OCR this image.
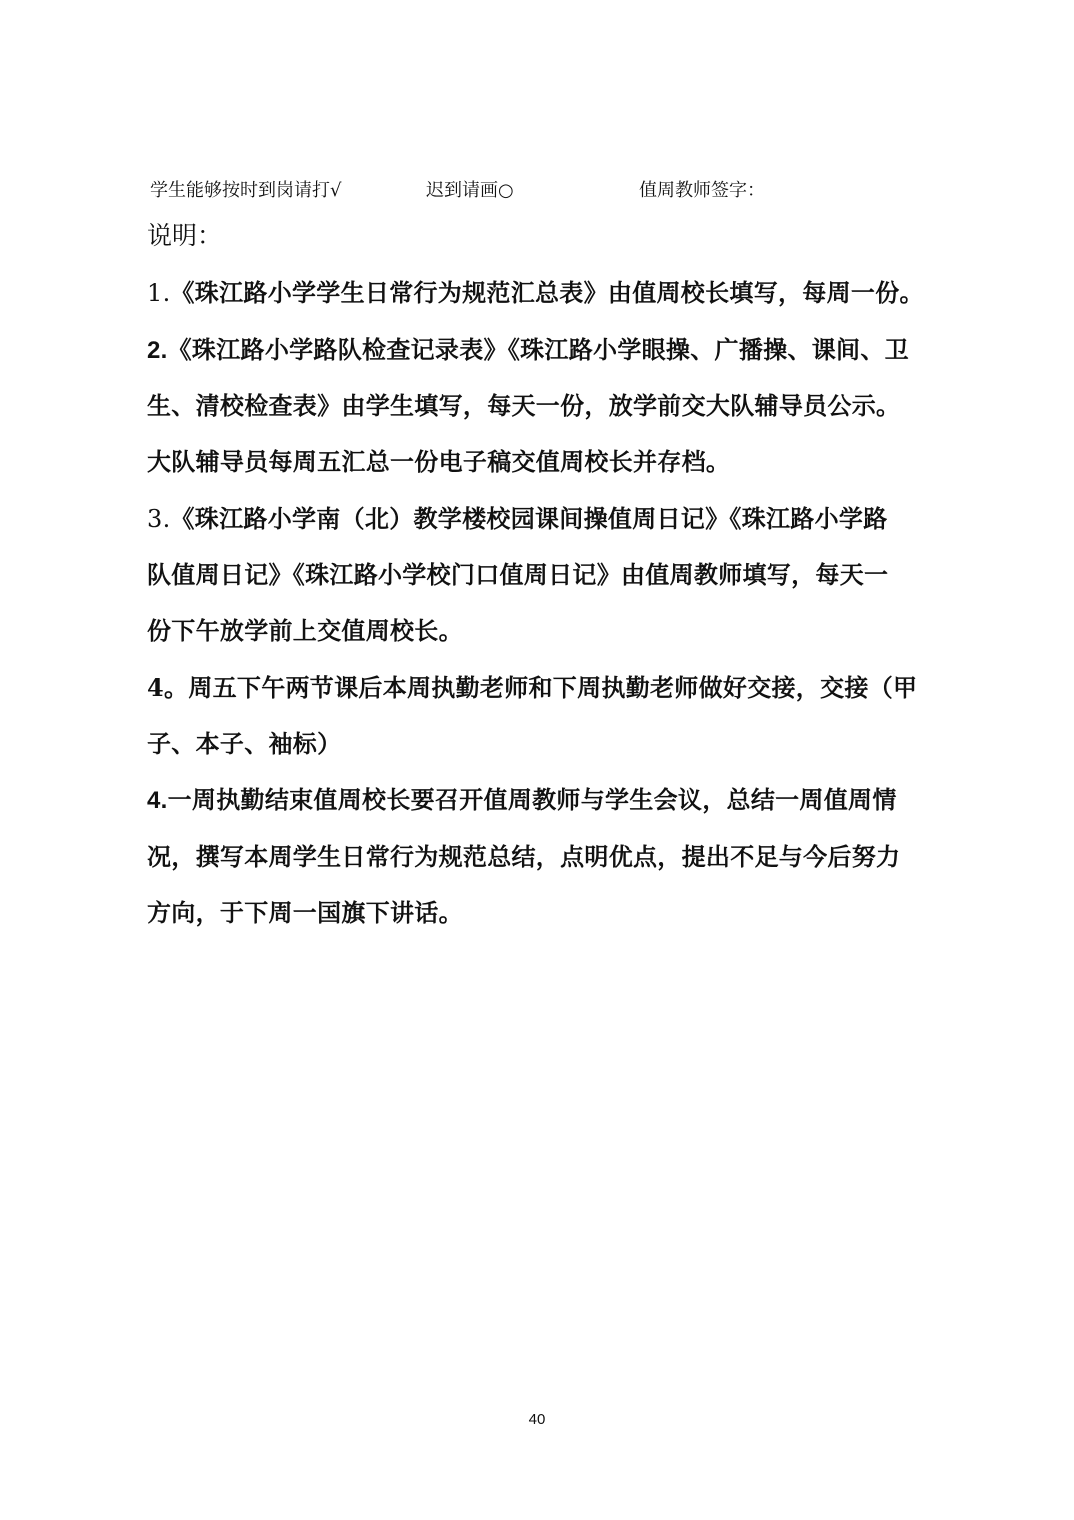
学生能够按时到岗请打√	迟到请画○	值周教师签字：
说明：
1.《珠江路小学学生日常行为规范汇总表》由值周校长填写，每周一份。
2.《珠江路小学路队检查记录表》《珠江路小学眼操、广播操、课间、卫
生、清校检查表》由学生填写，每天一份，放学前交大队辅导员公示。
大队辅导员每周五汇总一份电子稿交值周校长并存档。
3.《珠江路小学南（北）教学楼校园课间操值周日记》《珠江路小学路
队值周日记》《珠江路小学校门口值周日记》由值周教师填写，每天一
份下午放学前上交值周校长。
4。周五下午两节课后本周执勤老师和下周执勤老师做好交接，交接（甲
子、本子、袖标）
4.一周执勤结束值周校长要召开值周教师与学生会议，总结一周值周情
况，撰写本周学生日常行为规范总结，点明优点，提出不足与今后努力
方向，于下周一国旗下讲话。
40
